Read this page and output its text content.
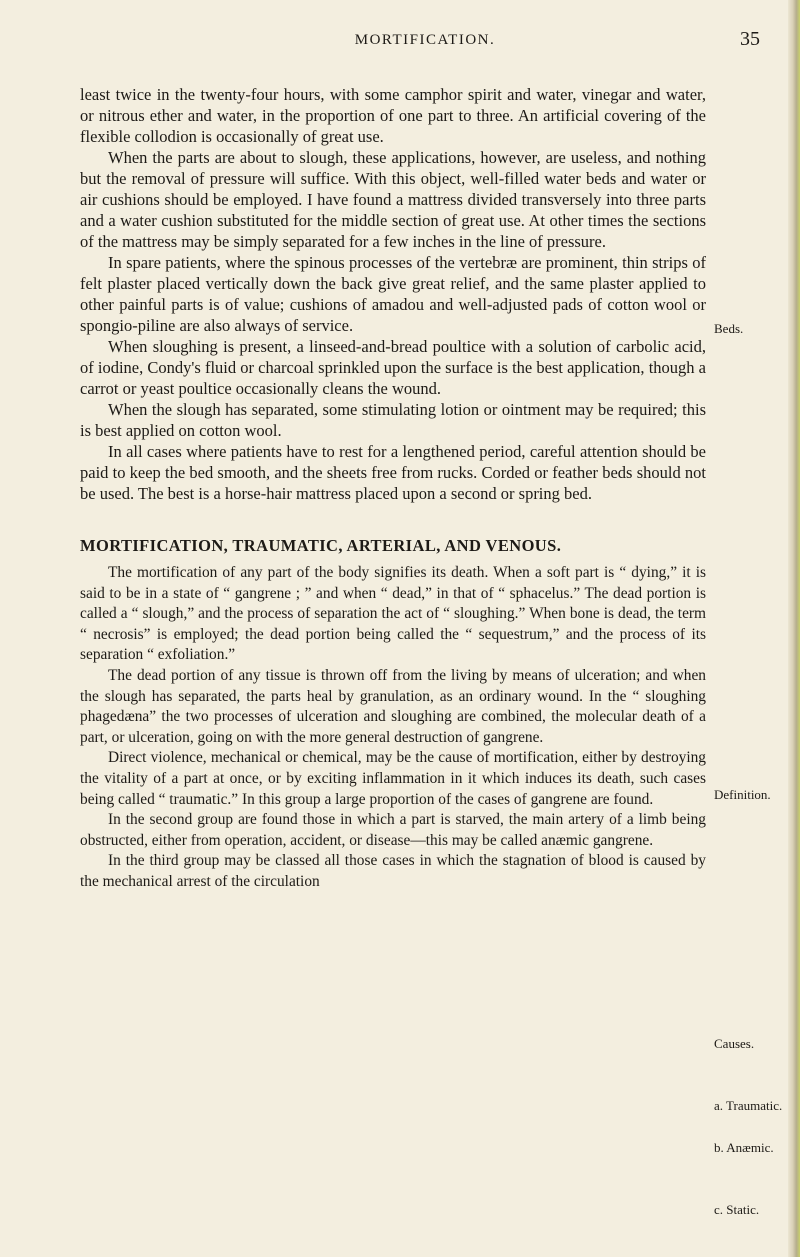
MORTIFICATION.	35

least twice in the twenty-four hours, with some camphor spirit and water, vinegar and water, or nitrous ether and water, in the proportion of one part to three. An artificial covering of the flexible collodion is occasionally of great use.

When the parts are about to slough, these applications, however, are useless, and nothing but the removal of pressure will suffice. With this object, well-filled water beds and water or air cushions should be employed. I have found a mattress divided transversely into three parts and a water cushion substituted for the middle section of great use. At other times the sections of the mattress may be simply separated for a few inches in the line of pressure.

In spare patients, where the spinous processes of the vertebræ are prominent, thin strips of felt plaster placed vertically down the back give great relief, and the same plaster applied to other painful parts is of value; cushions of amadou and well-adjusted pads of cotton wool or spongio-piline are also always of service.

When sloughing is present, a linseed-and-bread poultice with a solution of carbolic acid, of iodine, Condy's fluid or charcoal sprinkled upon the surface is the best application, though a carrot or yeast poultice occasionally cleans the wound.

When the slough has separated, some stimulating lotion or ointment may be required; this is best applied on cotton wool.

In all cases where patients have to rest for a lengthened period, careful attention should be paid to keep the bed smooth, and the sheets free from rucks. Corded or feather beds should not be used. The best is a horse-hair mattress placed upon a second or spring bed.

MORTIFICATION, TRAUMATIC, ARTERIAL, AND VENOUS.

The mortification of any part of the body signifies its death. When a soft part is “ dying,” it is said to be in a state of “ gangrene ; ” and when “ dead,” in that of “ sphacelus.” The dead portion is called a “ slough,” and the process of separation the act of “ sloughing.” When bone is dead, the term “ necrosis” is employed; the dead portion being called the “ sequestrum,” and the process of its separation “ exfoliation.”

The dead portion of any tissue is thrown off from the living by means of ulceration; and when the slough has separated, the parts heal by granulation, as an ordinary wound. In the “ sloughing phagedæna” the two processes of ulceration and sloughing are combined, the molecular death of a part, or ulceration, going on with the more general destruction of gangrene.

Direct violence, mechanical or chemical, may be the cause of mortification, either by destroying the vitality of a part at once, or by exciting inflammation in it which induces its death, such cases being called “ traumatic.” In this group a large proportion of the cases of gangrene are found.

In the second group are found those in which a part is starved, the main artery of a limb being obstructed, either from operation, accident, or disease—this may be called anæmic gangrene.

In the third group may be classed all those cases in which the stagnation of blood is caused by the mechanical arrest of the circulation

Beds.
Definition.
Causes.
a. Traumatic.
b. Anæmic.
c. Static.
